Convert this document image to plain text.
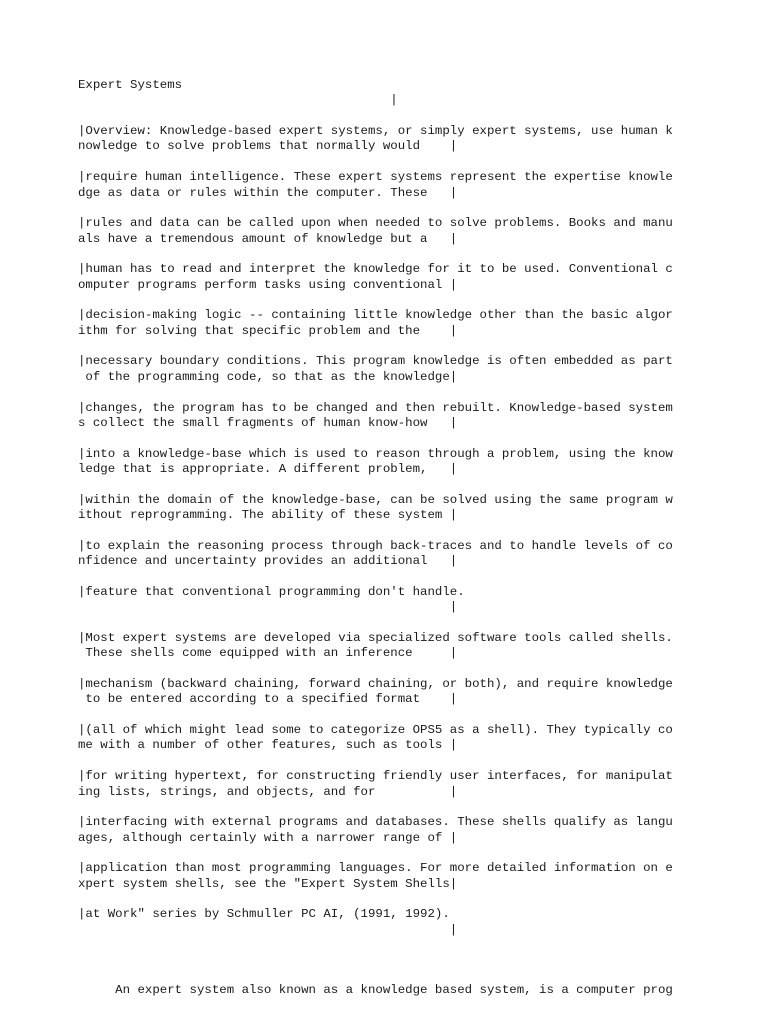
Expert Systems
|
|Overview: Knowledge-based expert systems, or simply expert systems, use human k
nowledge to solve problems that normally would    |
|require human intelligence. These expert systems represent the expertise knowle
dge as data or rules within the computer. These   |
|rules and data can be called upon when needed to solve problems. Books and manu
als have a tremendous amount of knowledge but a   |
|human has to read and interpret the knowledge for it to be used. Conventional c
omputer programs perform tasks using conventional |
|decision-making logic -- containing little knowledge other than the basic algor
ithm for solving that specific problem and the    |
|necessary boundary conditions. This program knowledge is often embedded as part
of the programming code, so that as the knowledge|
|changes, the program has to be changed and then rebuilt. Knowledge-based system
s collect the small fragments of human know-how   |
|into a knowledge-base which is used to reason through a problem, using the know
ledge that is appropriate. A different problem,   |
|within the domain of the knowledge-base, can be solved using the same program w
ithout reprogramming. The ability of these system |
|to explain the reasoning process through back-traces and to handle levels of co
nfidence and uncertainty provides an additional   |
|feature that conventional programming don't handle.
|
|Most expert systems are developed via specialized software tools called shells.
These shells come equipped with an inference     |
|mechanism (backward chaining, forward chaining, or both), and require knowledge
to be entered according to a specified format    |
|(all of which might lead some to categorize OPS5 as a shell). They typically co
me with a number of other features, such as tools |
|for writing hypertext, for constructing friendly user interfaces, for manipulat
ing lists, strings, and objects, and for          |
|interfacing with external programs and databases. These shells qualify as langu
ages, although certainly with a narrower range of |
|application than most programming languages. For more detailed information on e
xpert system shells, see the "Expert System Shells|
|at Work" series by Schmuller PC AI, (1991, 1992).
|
An expert system also known as a knowledge based system, is a computer prog
